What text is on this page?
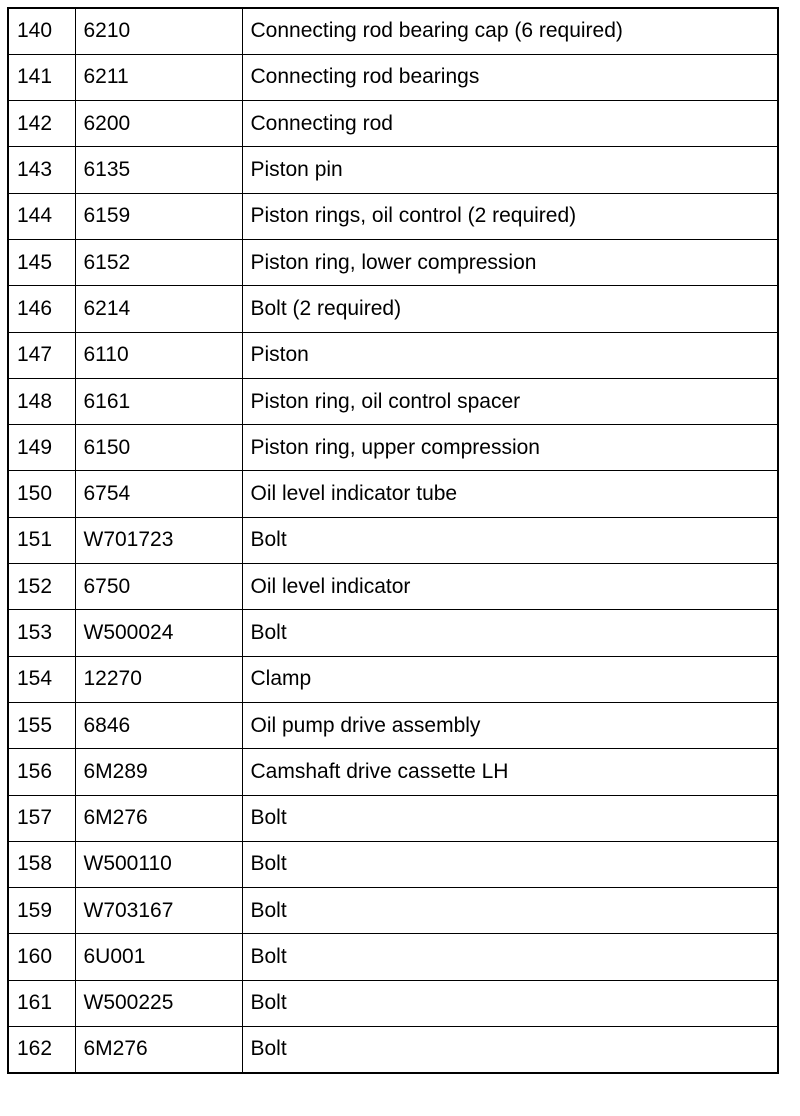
140	6210	Connecting rod bearing cap (6 required)
141	6211	Connecting rod bearings
142	6200	Connecting rod
143	6135	Piston pin
144	6159	Piston rings, oil control (2 required)
145	6152	Piston ring, lower compression
146	6214	Bolt (2 required)
147	6110	Piston
148	6161	Piston ring, oil control spacer
149	6150	Piston ring, upper compression
150	6754	Oil level indicator tube
151	W701723	Bolt
152	6750	Oil level indicator
153	W500024	Bolt
154	12270	Clamp
155	6846	Oil pump drive assembly
156	6M289	Camshaft drive cassette LH
157	6M276	Bolt
158	W500110	Bolt
159	W703167	Bolt
160	6U001	Bolt
161	W500225	Bolt
162	6M276	Bolt
